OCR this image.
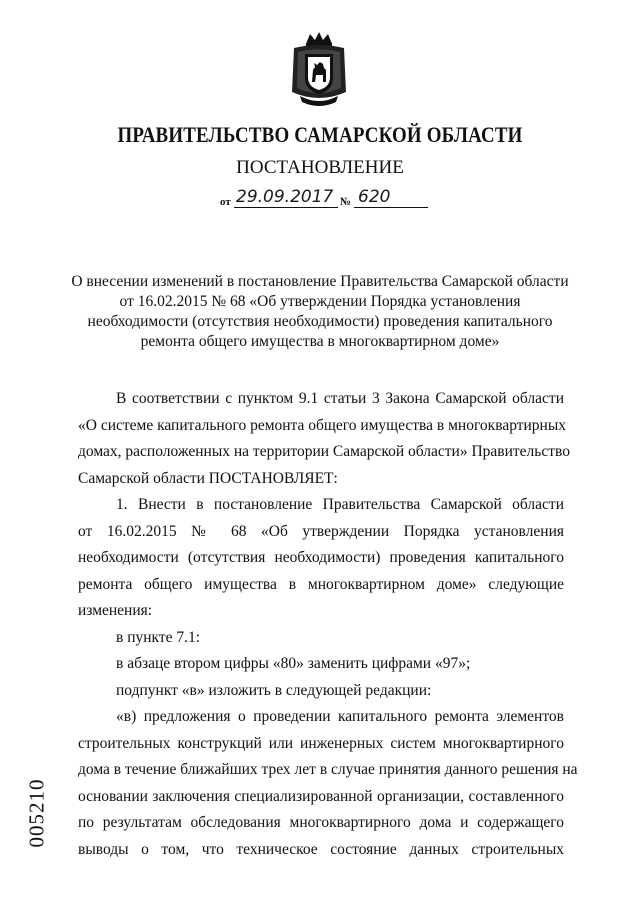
ПРАВИТЕЛЬСТВО САМАРСКОЙ ОБЛАСТИ
ПОСТАНОВЛЕНИЕ
от 29.09.2017 № 620
О внесении изменений в постановление Правительства Самарской области
от 16.02.2015 № 68 «Об утверждении Порядка установления
необходимости (отсутствия необходимости) проведения капитального
ремонта общего имущества в многоквартирном доме»
В соответствии с пунктом 9.1 статьи 3 Закона Самарской области
«О системе капитального ремонта общего имущества в многоквартирных
домах, расположенных на территории Самарской области» Правительство
Самарской области ПОСТАНОВЛЯЕТ:
1. Внести в постановление Правительства Самарской области
от 16.02.2015 № 68 «Об утверждении Порядка установления
необходимости (отсутствия необходимости) проведения капитального
ремонта общего имущества в многоквартирном доме» следующие
изменения:
в пункте 7.1:
в абзаце втором цифры «80» заменить цифрами «97»;
подпункт «в» изложить в следующей редакции:
«в) предложения о проведении капитального ремонта элементов
строительных конструкций или инженерных систем многоквартирного
дома в течение ближайших трех лет в случае принятия данного решения на
основании заключения специализированной организации, составленного
по результатам обследования многоквартирного дома и содержащего
выводы о том, что техническое состояние данных строительных
005210
